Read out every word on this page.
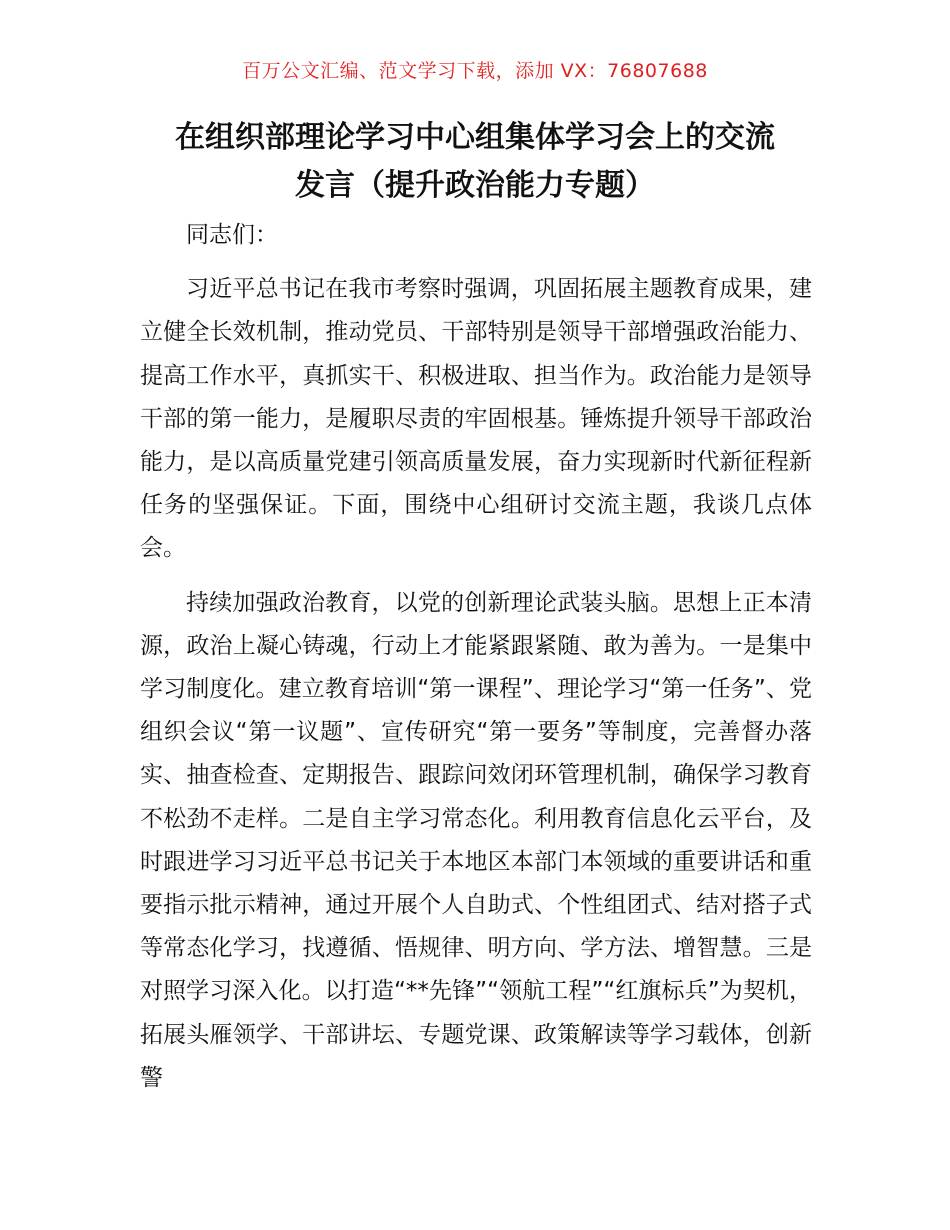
百万公文汇编、范文学习下载，添加 VX：76807688
在组织部理论学习中心组集体学习会上的交流
发言（提升政治能力专题）

同志们：

习近平总书记在我市考察时强调，巩固拓展主题教育成果，建立健全长效机制，推动党员、干部特别是领导干部增强政治能力、提高工作水平，真抓实干、积极进取、担当作为。政治能力是领导干部的第一能力，是履职尽责的牢固根基。锤炼提升领导干部政治能力，是以高质量党建引领高质量发展，奋力实现新时代新征程新任务的坚强保证。下面，围绕中心组研讨交流主题，我谈几点体会。

持续加强政治教育，以党的创新理论武装头脑。思想上正本清源，政治上凝心铸魂，行动上才能紧跟紧随、敢为善为。一是集中学习制度化。建立教育培训“第一课程”、理论学习“第一任务”、党组织会议“第一议题”、宣传研究“第一要务”等制度，完善督办落实、抽查检查、定期报告、跟踪问效闭环管理机制，确保学习教育不松劲不走样。二是自主学习常态化。利用教育信息化云平台，及时跟进学习习近平总书记关于本地区本部门本领域的重要讲话和重要指示批示精神，通过开展个人自助式、个性组团式、结对搭子式等常态化学习，找遵循、悟规律、明方向、学方法、增智慧。三是对照学习深入化。以打造“**先锋”“领航工程”“红旗标兵”为契机，拓展头雁领学、干部讲坛、专题党课、政策解读等学习载体，创新警
